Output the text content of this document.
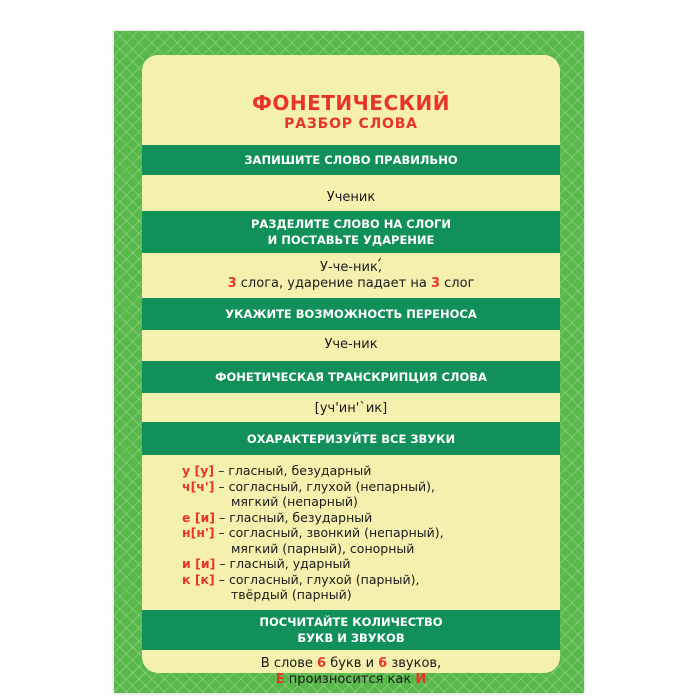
ФОНЕТИЧЕСКИЙ
РАЗБОР СЛОВА
ЗАПИШИТЕ СЛОВО ПРАВИЛЬНО
Ученик
РАЗДЕЛИТЕ СЛОВО НА СЛОГИ
И ПОСТАВЬТЕ УДАРЕНИЕ
У-че-ник,
3 слога, ударение падает на 3 слог
УКАЖИТЕ ВОЗМОЖНОСТЬ ПЕРЕНОСА
Уче-ник
ФОНЕТИЧЕСКАЯ ТРАНСКРИПЦИЯ СЛОВА
[уч'ин'`ик]
ОХАРАКТЕРИЗУЙТЕ ВСЕ ЗВУКИ
у [у] – гласный, безударный
ч[ч'] – согласный, глухой (непарный),
мягкий (непарный)
е [и] – гласный, безударный
н[н'] – согласный, звонкий (непарный),
мягкий (парный), сонорный
и [и] – гласный, ударный
к [к] – согласный, глухой (парный),
твёрдый (парный)
ПОСЧИТАЙТЕ КОЛИЧЕСТВО
БУКВ И ЗВУКОВ
В слове 6 букв и 6 звуков,
Е произносится как И
